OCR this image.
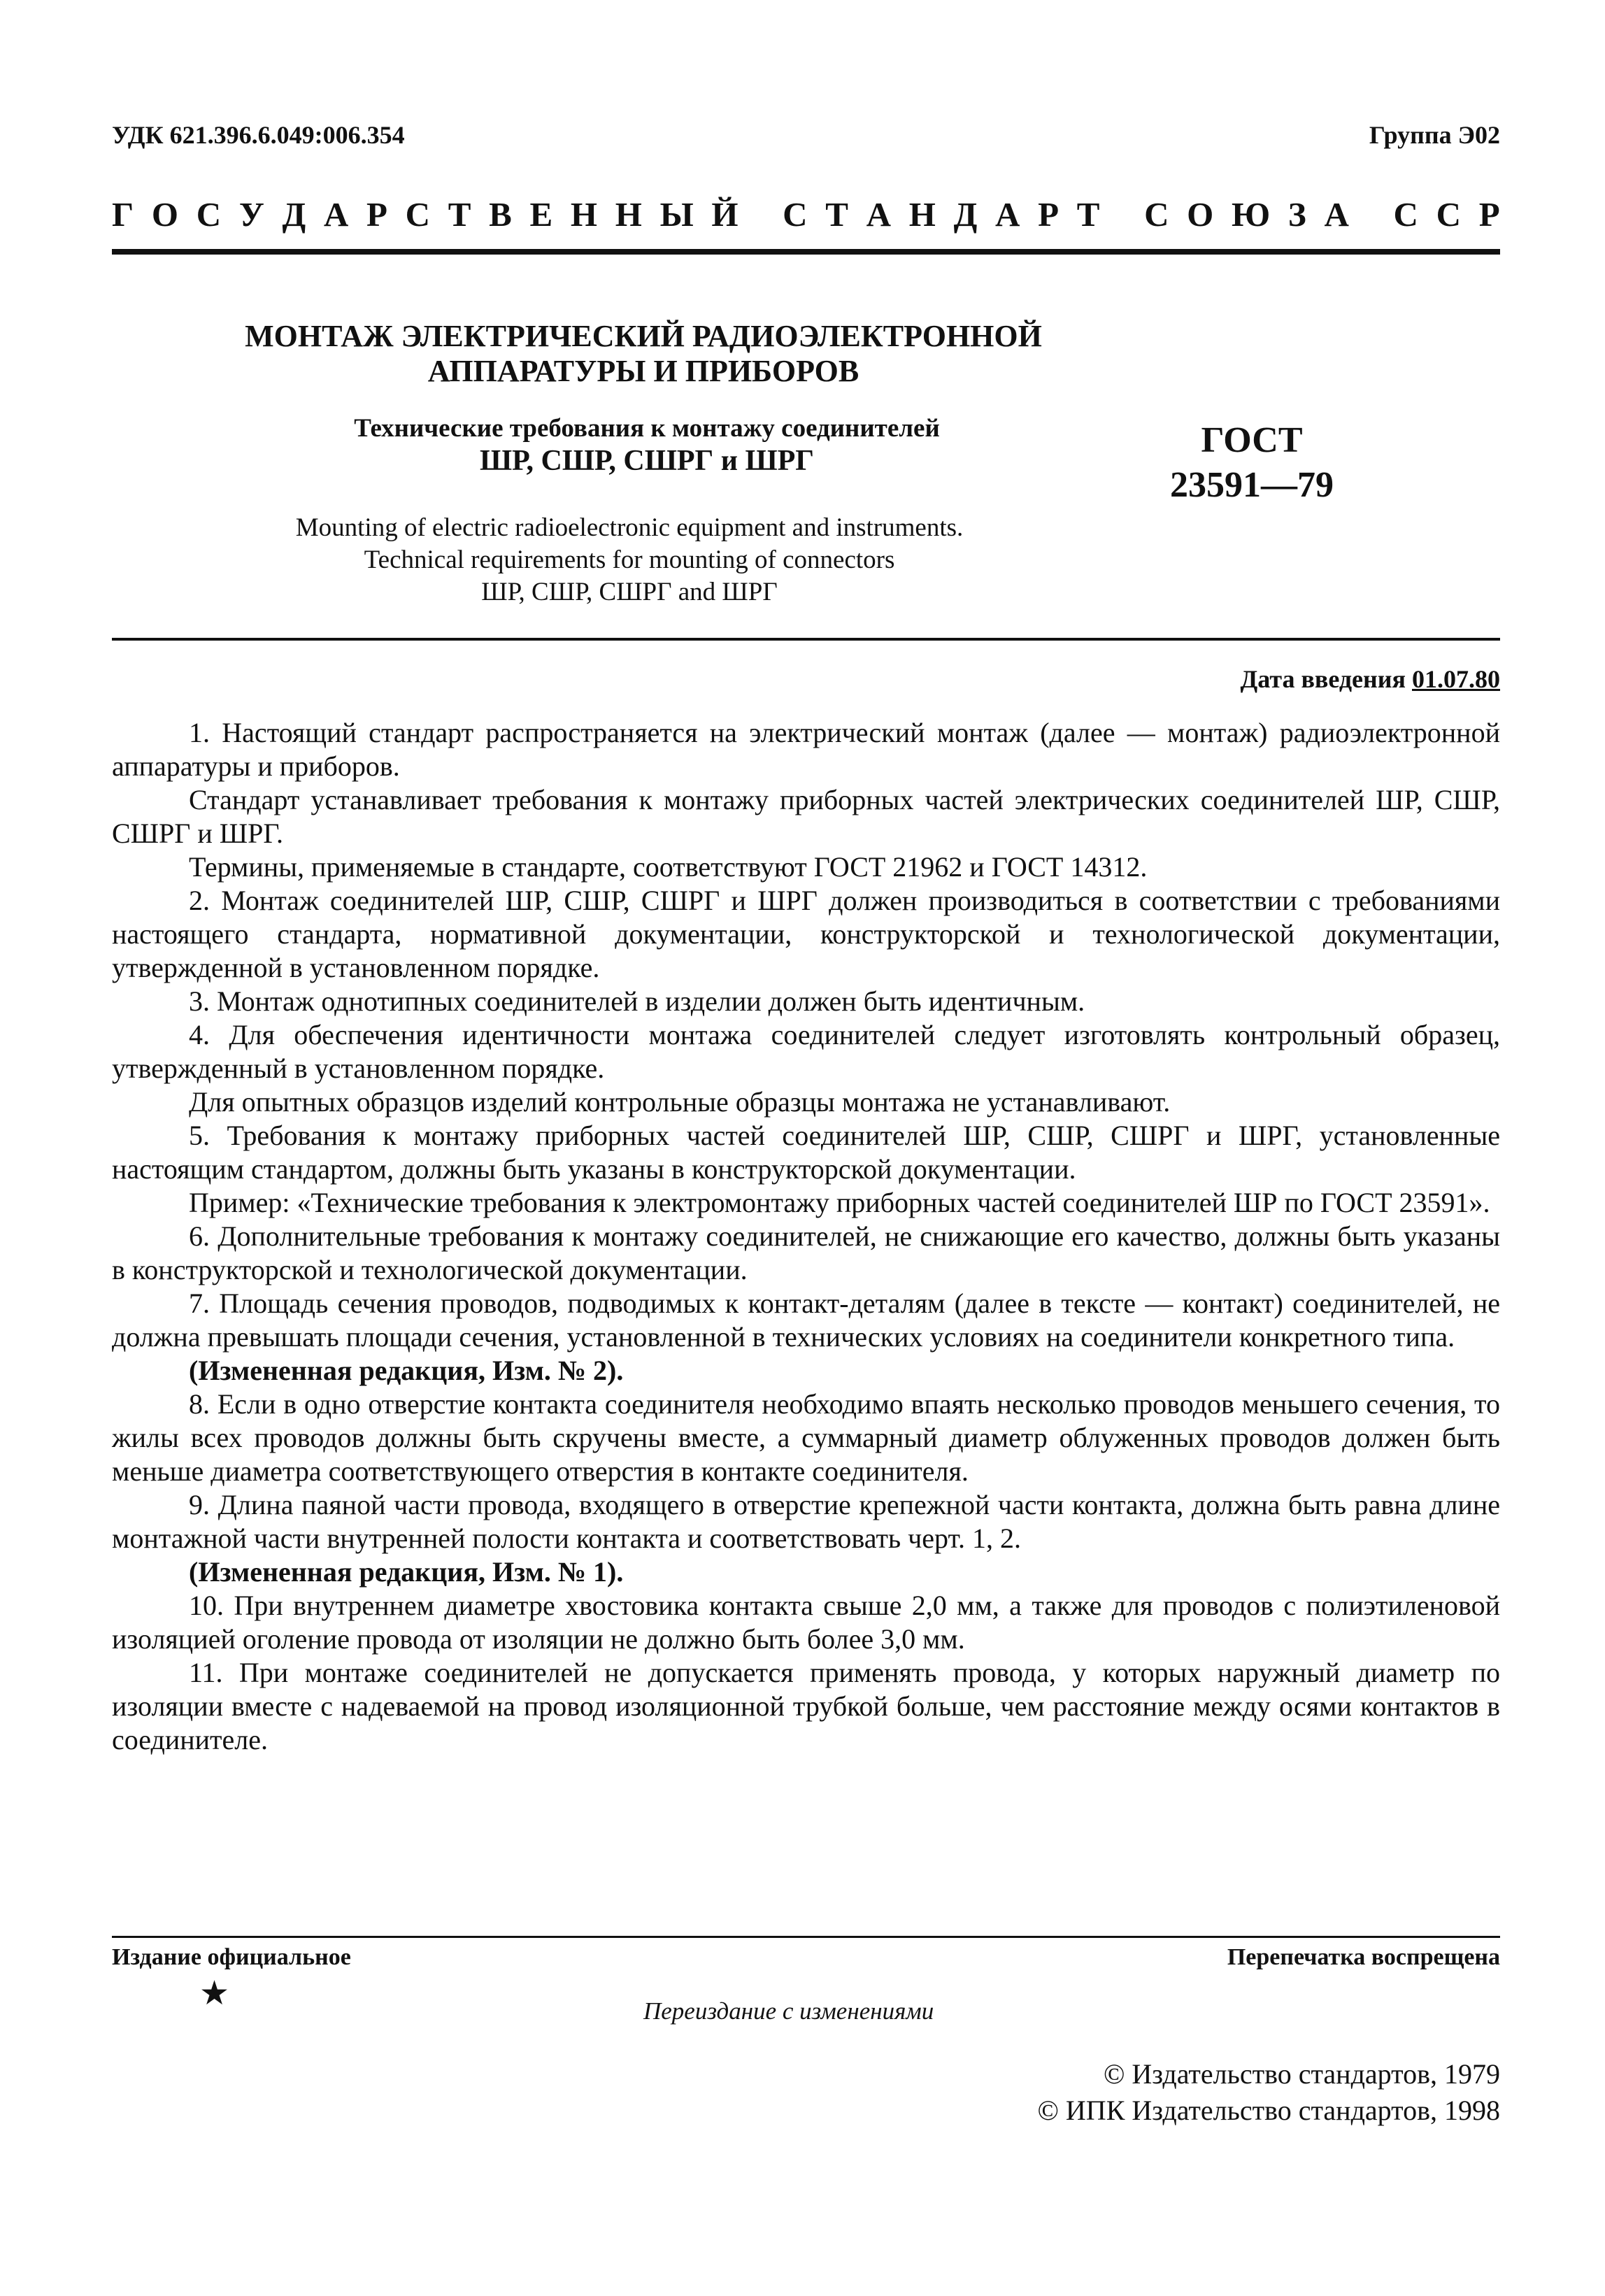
УДК 621.396.6.049:006.354	Группа Э02
Г О С У Д А Р С Т В Е Н Н Ы Й
С Т А Н Д А Р Т
С О Ю З А
С С Р
МОНТАЖ ЭЛЕКТРИЧЕСКИЙ РАДИОЭЛЕКТРОННОЙ
АППАРАТУРЫ И ПРИБОРОВ
Технические требования к монтажу соединителей
ШР, СШР, СШРГ и ШРГ
ГОСТ
23591—79
Mounting of electric radioelectronic equipment and instruments.
Technical requirements for mounting of connectors
ШР, СШР, СШРГ and ШРГ
Дата введения 01.07.80

1. Настоящий стандарт распространяется на электрический монтаж (далее — монтаж) радиоэлектронной аппаратуры и приборов.

Стандарт устанавливает требования к монтажу приборных частей электрических соединителей ШР, СШР, СШРГ и ШРГ.

Термины, применяемые в стандарте, соответствуют ГОСТ 21962 и ГОСТ 14312.

2. Монтаж соединителей ШР, СШР, СШРГ и ШРГ должен производиться в соответствии с требованиями настоящего стандарта, нормативной документации, конструкторской и технологической документации, утвержденной в установленном порядке.

3. Монтаж однотипных соединителей в изделии должен быть идентичным.

4. Для обеспечения идентичности монтажа соединителей следует изготовлять контрольный образец, утвержденный в установленном порядке.

Для опытных образцов изделий контрольные образцы монтажа не устанавливают.

5. Требования к монтажу приборных частей соединителей ШР, СШР, СШРГ и ШРГ, установленные настоящим стандартом, должны быть указаны в конструкторской документации.

Пример: «Технические требования к электромонтажу приборных частей соединителей ШР по ГОСТ 23591».

6. Дополнительные требования к монтажу соединителей, не снижающие его качество, должны быть указаны в конструкторской и технологической документации.

7. Площадь сечения проводов, подводимых к контакт-деталям (далее в тексте — контакт) соединителей, не должна превышать площади сечения, установленной в технических условиях на соединители конкретного типа.

(Измененная редакция, Изм. № 2).

8. Если в одно отверстие контакта соединителя необходимо впаять несколько проводов меньшего сечения, то жилы всех проводов должны быть скручены вместе, а суммарный диаметр облуженных проводов должен быть меньше диаметра соответствующего отверстия в контакте соединителя.

9. Длина паяной части провода, входящего в отверстие крепежной части контакта, должна быть равна длине монтажной части внутренней полости контакта и соответствовать черт. 1, 2.

(Измененная редакция, Изм. № 1).

10. При внутреннем диаметре хвостовика контакта свыше 2,0 мм, а также для проводов с полиэтиленовой изоляцией оголение провода от изоляции не должно быть более 3,0 мм.

11. При монтаже соединителей не допускается применять провода, у которых наружный диаметр по изоляции вместе с надеваемой на провод изоляционной трубкой больше, чем расстояние между осями контактов в соединителе.

Издание официальное	Перепечатка воспрещена
★	Переиздание с изменениями
© Издательство стандартов, 1979
© ИПК Издательство стандартов, 1998
